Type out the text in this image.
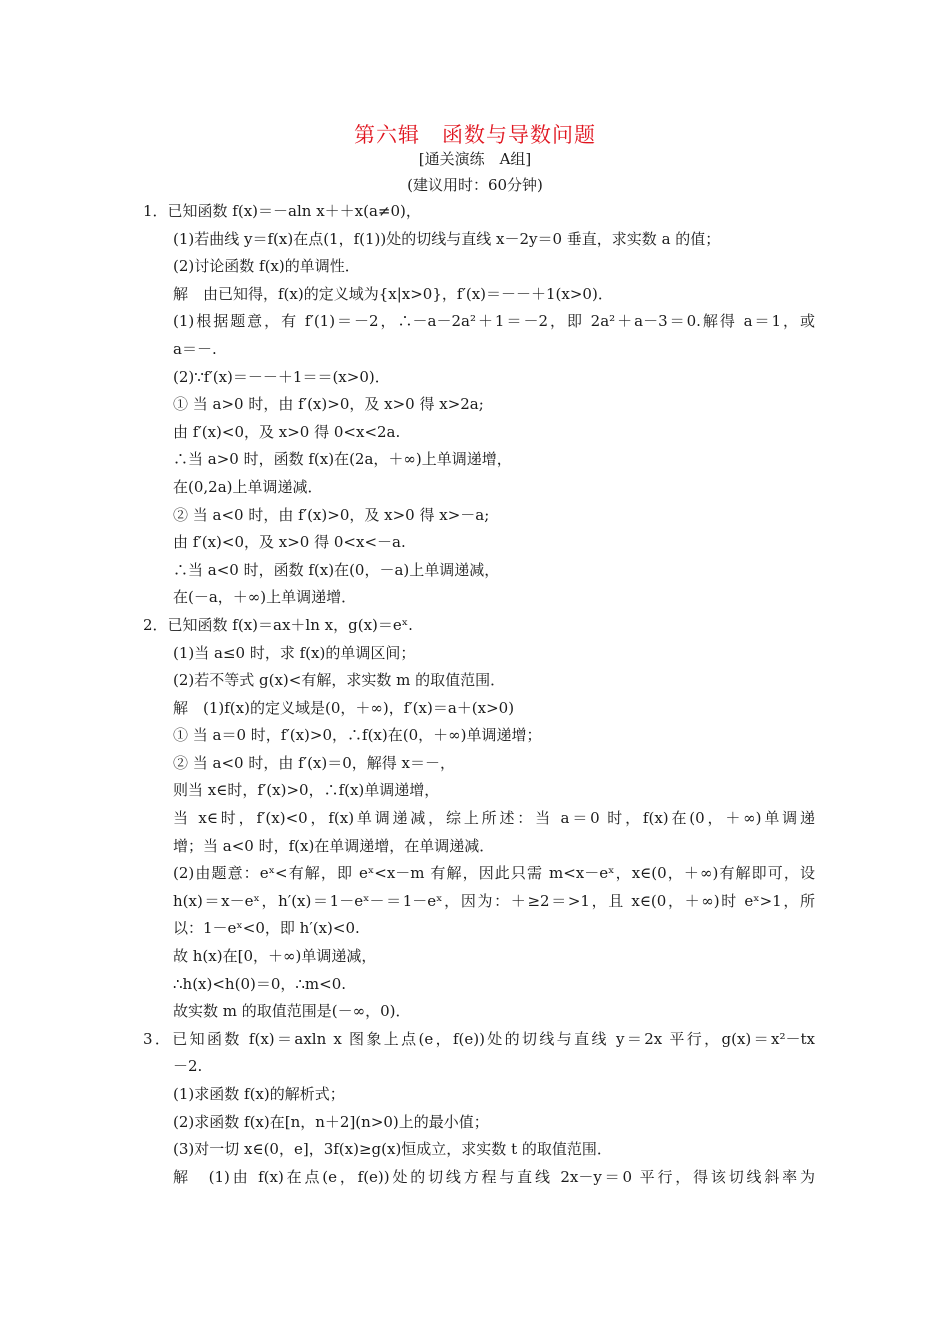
第六辑　函数与导数问题
[通关演练　A组]
(建议用时：60分钟)
1．已知函数 f(x)＝－aln x＋＋x(a≠0)，
(1)若曲线 y＝f(x)在点(1，f(1))处的切线与直线 x－2y＝0 垂直，求实数 a 的值；
(2)讨论函数 f(x)的单调性．
解　由已知得，f(x)的定义域为{x|x>0}，f′(x)＝－－＋1(x>0)．
(1)根据题意，有 f′(1)＝－2，∴－a－2a²＋1＝－2，即 2a²＋a－3＝0.解得 a＝1，或
a＝－.
(2)∵f′(x)＝－－＋1＝＝(x>0)．
① 当 a>0 时，由 f′(x)>0，及 x>0 得 x>2a;
由 f′(x)<0，及 x>0 得 0<x<2a.
∴当 a>0 时，函数 f(x)在(2a，＋∞)上单调递增，
在(0,2a)上单调递减．
② 当 a<0 时，由 f′(x)>0，及 x>0 得 x>－a;
由 f′(x)<0，及 x>0 得 0<x<－a.
∴当 a<0 时，函数 f(x)在(0，－a)上单调递减，
在(－a，＋∞)上单调递增．
2．已知函数 f(x)＝ax＋ln x，g(x)＝eˣ.
(1)当 a≤0 时，求 f(x)的单调区间；
(2)若不等式 g(x)<有解，求实数 m 的取值范围．
解　(1)f(x)的定义域是(0，＋∞)，f′(x)＝a＋(x>0)
① 当 a＝0 时，f′(x)>0，∴f(x)在(0，＋∞)单调递增；
② 当 a<0 时，由 f′(x)＝0，解得 x＝－，
则当 x∈时，f′(x)>0，∴f(x)单调递增，
当 x∈时，f′(x)<0，f(x)单调递减，综上所述：当 a＝0 时，f(x)在(0，＋∞)单调递
增；当 a<0 时，f(x)在单调递增，在单调递减．
(2)由题意：eˣ<有解，即 eˣ<x－m 有解，因此只需 m<x－eˣ，x∈(0，＋∞)有解即可，设
h(x)＝x－eˣ，h′(x)＝1－eˣ－＝1－eˣ，因为：＋≥2＝>1，且 x∈(0，＋∞)时 eˣ>1，所
以：1－eˣ<0，即 h′(x)<0.
故 h(x)在[0，＋∞)单调递减，
∴h(x)<h(0)＝0，∴m<0.
故实数 m 的取值范围是(－∞，0)．
3．已知函数 f(x)＝axln x 图象上点(e，f(e))处的切线与直线 y＝2x 平行，g(x)＝x²－tx
－2.
(1)求函数 f(x)的解析式；
(2)求函数 f(x)在[n，n＋2](n>0)上的最小值；
(3)对一切 x∈(0，e]，3f(x)≥g(x)恒成立，求实数 t 的取值范围．
解　(1)由 f(x)在点(e，f(e))处的切线方程与直线 2x－y＝0 平行，得该切线斜率为
